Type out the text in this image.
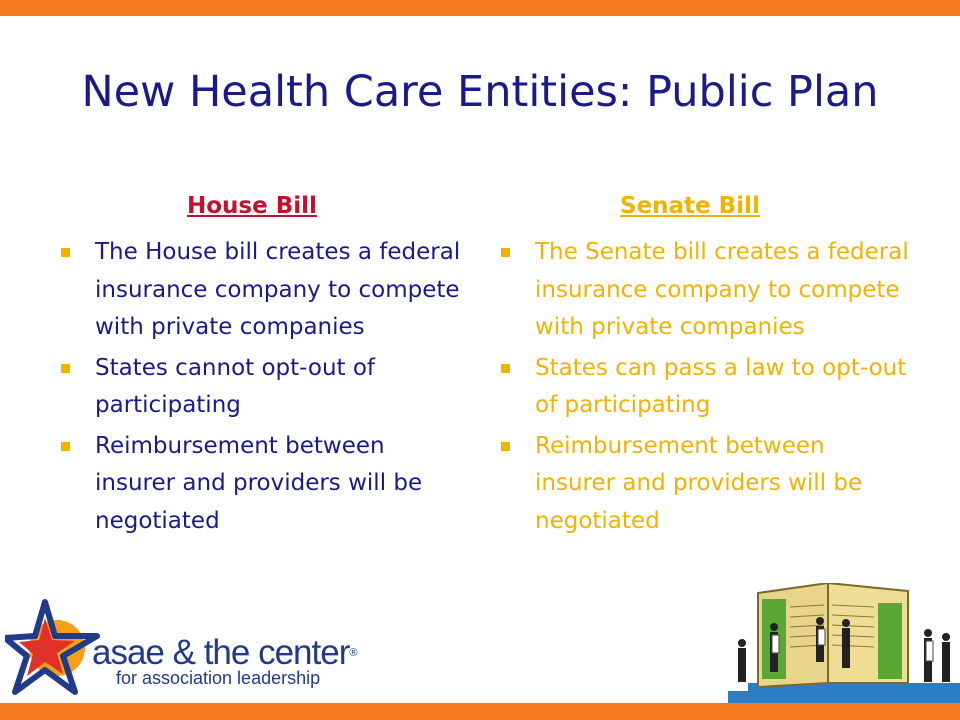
New Health Care Entities: Public Plan
House Bill
The House bill creates a federal insurance company to compete with private companies
States cannot opt-out of participating
Reimbursement between insurer and providers will be negotiated
Senate Bill
The Senate bill creates a federal insurance company to compete with private companies
States can pass a law to opt-out of participating
Reimbursement between insurer and providers will be negotiated
asae & the center®
for association leadership
